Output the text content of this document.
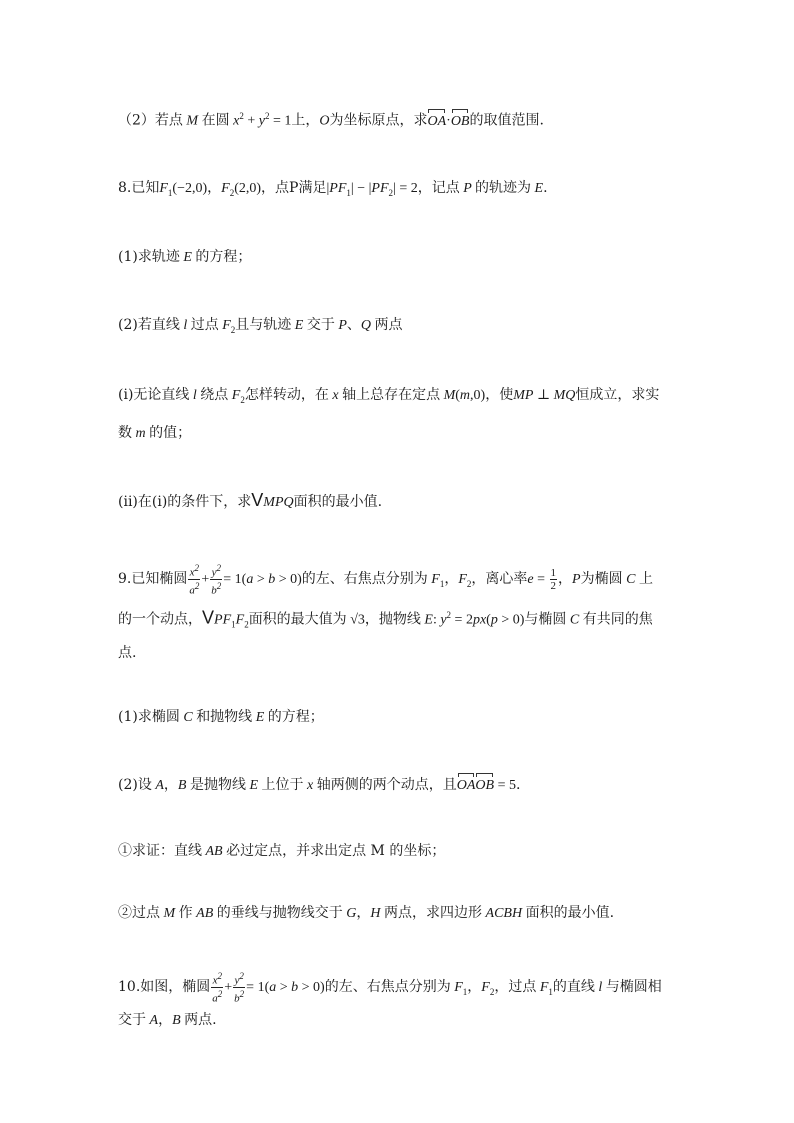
（2）若点 M 在圆 $x^2 + y^2 = 1$上，O为坐标原点，求OA·OB的取值范围.
8.已知$F_1(-2,0)$，$F_2(2,0)$，点P满足$|PF_1| - |PF_2| = 2$，记点 P 的轨迹为 E.
(1)求轨迹 E 的方程；
(2)若直线 l 过点 $F_2$且与轨迹 E 交于 P、Q 两点
(i)无论直线 l 绕点 $F_2$怎样转动，在 x 轴上总存在定点 M(m,0)，使MP ⊥ MQ恒成立，求实
数 m 的值；
(ii)在(i)的条件下，求VMPQ面积的最小值.
9.已知椭圆 $\frac{x^2}{a^2} + \frac{y^2}{b^2} = 1(a > b > 0)$的左、右焦点分别为 $F_1$，$F_2$，离心率$e = \frac{1}{2}$ ，P为椭圆 C 上
的一个动点，$VPF_1F_2$面积的最大值为 √3，抛物线 E: $y^2 = 2px(p > 0)$与椭圆 C 有共同的焦
点.
(1)求椭圆 C 和抛物线 E 的方程；
(2)设 A，B 是抛物线 E 上位于 x 轴两侧的两个动点，且OAOB = 5.
①求证：直线 AB 必过定点，并求出定点 M 的坐标；
②过点 M 作 AB 的垂线与抛物线交于 G，H 两点，求四边形 ACBH 面积的最小值.
10.如图，椭圆 $\frac{x^2}{a^2} + \frac{y^2}{b^2} = 1(a > b > 0)$的左、右焦点分别为 $F_1$，$F_2$，过点 $F_1$的直线 l 与椭圆相
交于 A，B 两点.
